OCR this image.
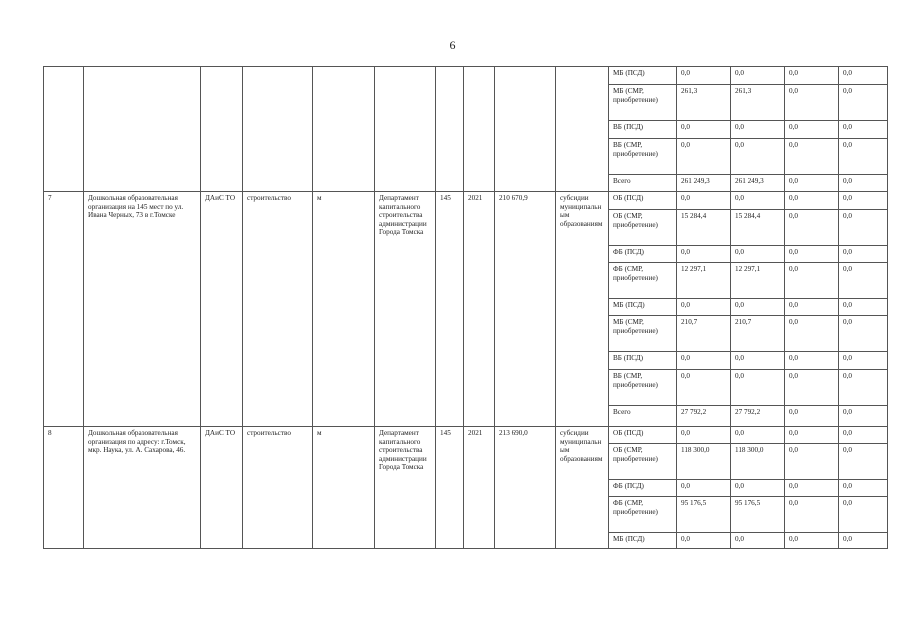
6
										МБ (ПСД)	0,0	0,0	0,0	0,0
										МБ (СМР, приобретение)	261,3	261,3	0,0	0,0
										ВБ (ПСД)	0,0	0,0	0,0	0,0
										ВБ (СМР, приобретение)	0,0	0,0	0,0	0,0
										Всего	261 249,3	261 249,3	0,0	0,0
7	Дошкольная образовательная организация на 145 мест по ул. Ивана Черных, 73 в г.Томске	ДАиС ТО	строительство	м	Департамент капитального строительства администрации Города Томска	145	2021	210 670,9	субсидии муниципальным образованиям	ОБ (ПСД)	0,0	0,0	0,0	0,0
										ОБ (СМР, приобретение)	15 284,4	15 284,4	0,0	0,0
										ФБ (ПСД)	0,0	0,0	0,0	0,0
										ФБ (СМР, приобретение)	12 297,1	12 297,1	0,0	0,0
										МБ (ПСД)	0,0	0,0	0,0	0,0
										МБ (СМР, приобретение)	210,7	210,7	0,0	0,0
										ВБ (ПСД)	0,0	0,0	0,0	0,0
										ВБ (СМР, приобретение)	0,0	0,0	0,0	0,0
										Всего	27 792,2	27 792,2	0,0	0,0
8	Дошкольная образовательная организация по адресу: г.Томск, мкр. Наука, ул. А. Сахарова, 46.	ДАиС ТО	строительство	м	Департамент капитального строительства администрации Города Томска	145	2021	213 690,0	субсидии муниципальным образованиям	ОБ (ПСД)	0,0	0,0	0,0	0,0
										ОБ (СМР, приобретение)	118 300,0	118 300,0	0,0	0,0
										ФБ (ПСД)	0,0	0,0	0,0	0,0
										ФБ (СМР, приобретение)	95 176,5	95 176,5	0,0	0,0
										МБ (ПСД)	0,0	0,0	0,0	0,0
